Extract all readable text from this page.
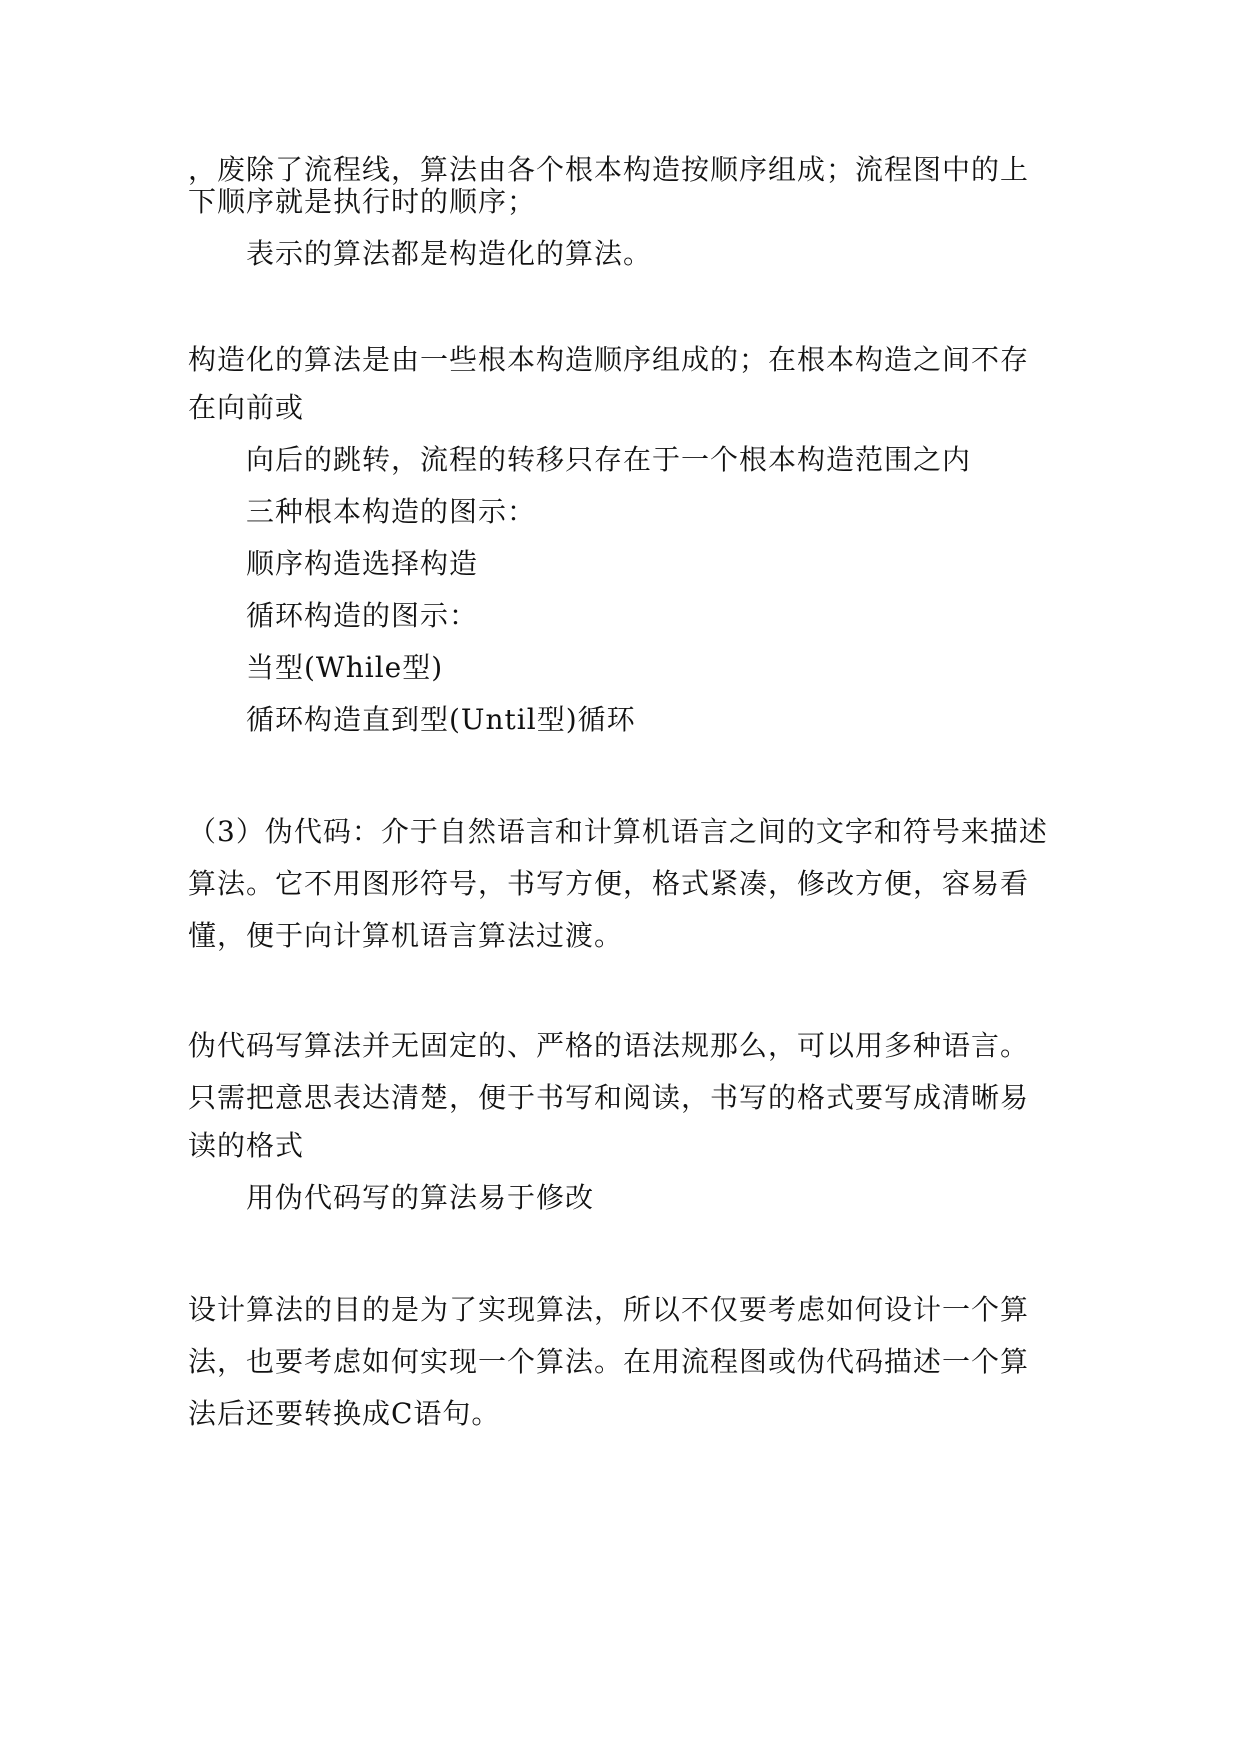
，废除了流程线，算法由各个根本构造按顺序组成；流程图中的上
下顺序就是执行时的顺序；
表示的算法都是构造化的算法。
构造化的算法是由一些根本构造顺序组成的；在根本构造之间不存
在向前或
向后的跳转，流程的转移只存在于一个根本构造范围之内
三种根本构造的图示：
顺序构造选择构造
循环构造的图示：
当型(While型)
循环构造直到型(Until型)循环
（3）伪代码：介于自然语言和计算机语言之间的文字和符号来描述
算法。它不用图形符号，书写方便，格式紧凑，修改方便，容易看
懂，便于向计算机语言算法过渡。
伪代码写算法并无固定的、严格的语法规那么，可以用多种语言。
只需把意思表达清楚，便于书写和阅读，书写的格式要写成清晰易
读的格式
用伪代码写的算法易于修改
设计算法的目的是为了实现算法，所以不仅要考虑如何设计一个算
法，也要考虑如何实现一个算法。在用流程图或伪代码描述一个算
法后还要转换成C语句。
